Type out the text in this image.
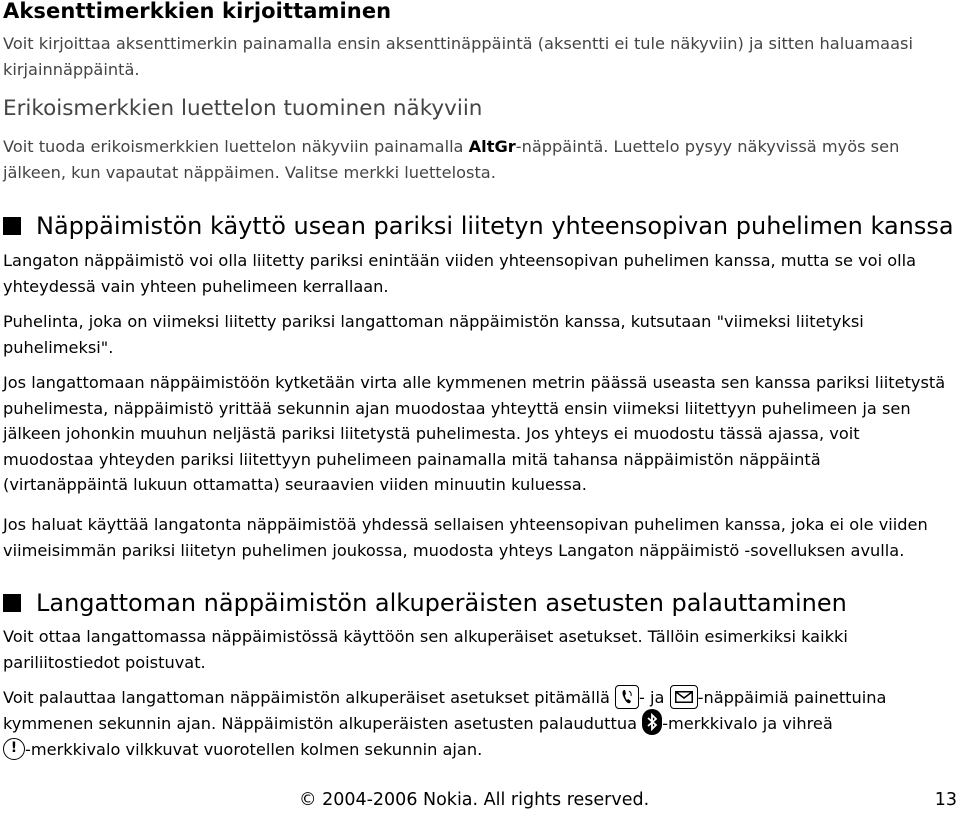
Aksenttimerkkien kirjoittaminen

Voit kirjoittaa aksenttimerkin painamalla ensin aksenttinäppäintä (aksentti ei tule näkyviin) ja sitten haluamaasi kirjainnäppäintä.

Erikoismerkkien luettelon tuominen näkyviin

Voit tuoda erikoismerkkien luettelon näkyviin painamalla AltGr-näppäintä. Luettelo pysyy näkyvissä myös sen jälkeen, kun vapautat näppäimen. Valitse merkki luettelosta.

Näppäimistön käyttö usean pariksi liitetyn yhteensopivan puhelimen kanssa

Langaton näppäimistö voi olla liitetty pariksi enintään viiden yhteensopivan puhelimen kanssa, mutta se voi olla yhteydessä vain yhteen puhelimeen kerrallaan.

Puhelinta, joka on viimeksi liitetty pariksi langattoman näppäimistön kanssa, kutsutaan "viimeksi liitetyksi puhelimeksi".

Jos langattomaan näppäimistöön kytketään virta alle kymmenen metrin päässä useasta sen kanssa pariksi liitetystä puhelimesta, näppäimistö yrittää sekunnin ajan muodostaa yhteyttä ensin viimeksi liitettyyn puhelimeen ja sen jälkeen johonkin muuhun neljästä pariksi liitetystä puhelimesta. Jos yhteys ei muodostu tässä ajassa, voit muodostaa yhteyden pariksi liitettyyn puhelimeen painamalla mitä tahansa näppäimistön näppäintä (virtanäppäintä lukuun ottamatta) seuraavien viiden minuutin kuluessa.

Jos haluat käyttää langatonta näppäimistöä yhdessä sellaisen yhteensopivan puhelimen kanssa, joka ei ole viiden viimeisimmän pariksi liitetyn puhelimen joukossa, muodosta yhteys Langaton näppäimistö -sovelluksen avulla.

Langattoman näppäimistön alkuperäisten asetusten palauttaminen

Voit ottaa langattomassa näppäimistössä käyttöön sen alkuperäiset asetukset. Tällöin esimerkiksi kaikki pariliitostiedot poistuvat.

Voit palauttaa langattoman näppäimistön alkuperäiset asetukset pitämällä
- ja
-näppäimiä painettuina kymmenen sekunnin ajan. Näppäimistön alkuperäisten asetusten palauduttua
-merkkivalo ja vihreä
! -merkkivalo vilkkuvat vuorotellen kolmen sekunnin ajan.

© 2004-2006 Nokia. All rights reserved.	13
